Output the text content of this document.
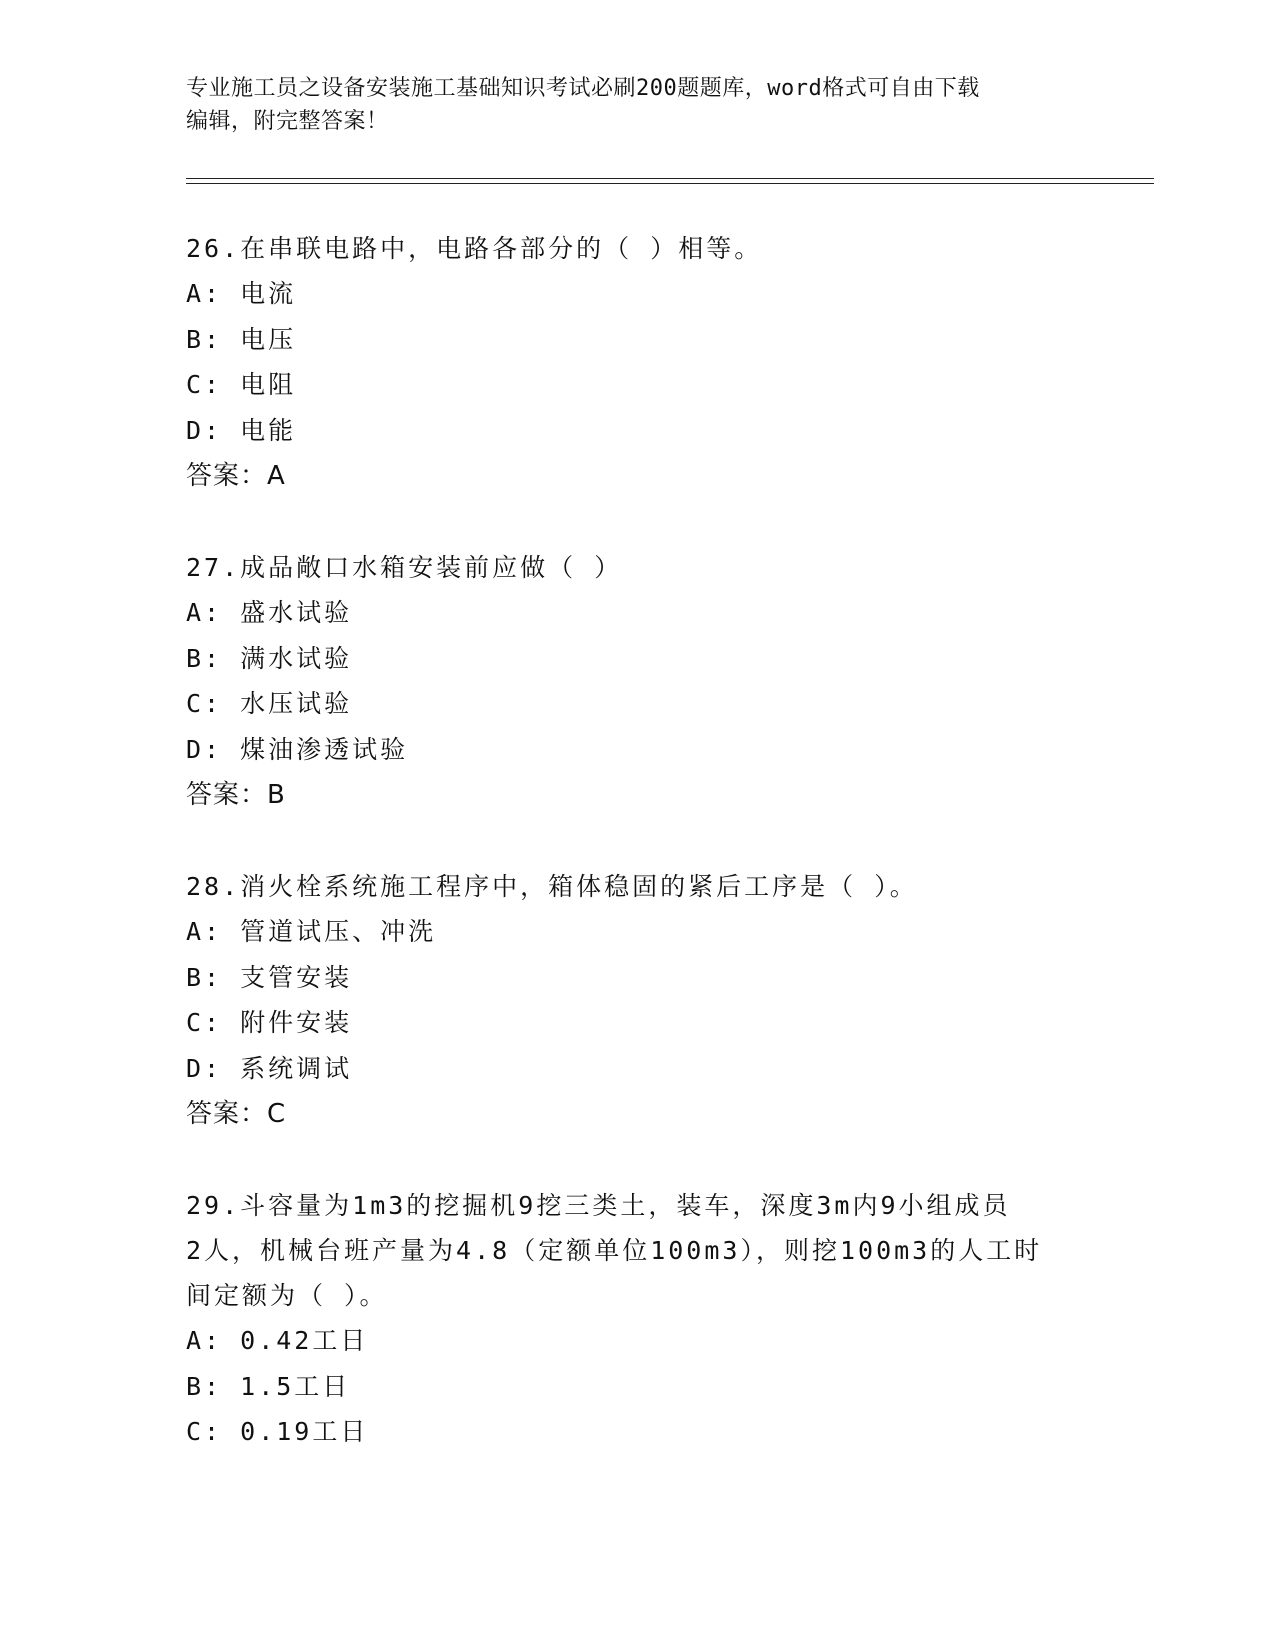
专业施工员之设备安装施工基础知识考试必刷200题题库，word格式可自由下载
编辑，附完整答案！
26.在串联电路中，电路各部分的（ ）相等。
A: 电流
B: 电压
C: 电阻
D: 电能
答案：A
27.成品敞口水箱安装前应做（ ）
A: 盛水试验
B: 满水试验
C: 水压试验
D: 煤油渗透试验
答案：B
28.消火栓系统施工程序中，箱体稳固的紧后工序是（ ）。
A: 管道试压、冲洗
B: 支管安装
C: 附件安装
D: 系统调试
答案：C
29.斗容量为1m3的挖掘机9挖三类土，装车，深度3m内9小组成员
2人，机械台班产量为4.8（定额单位100m3），则挖100m3的人工时
间定额为（ ）。
A: 0.42工日
B: 1.5工日
C: 0.19工日
